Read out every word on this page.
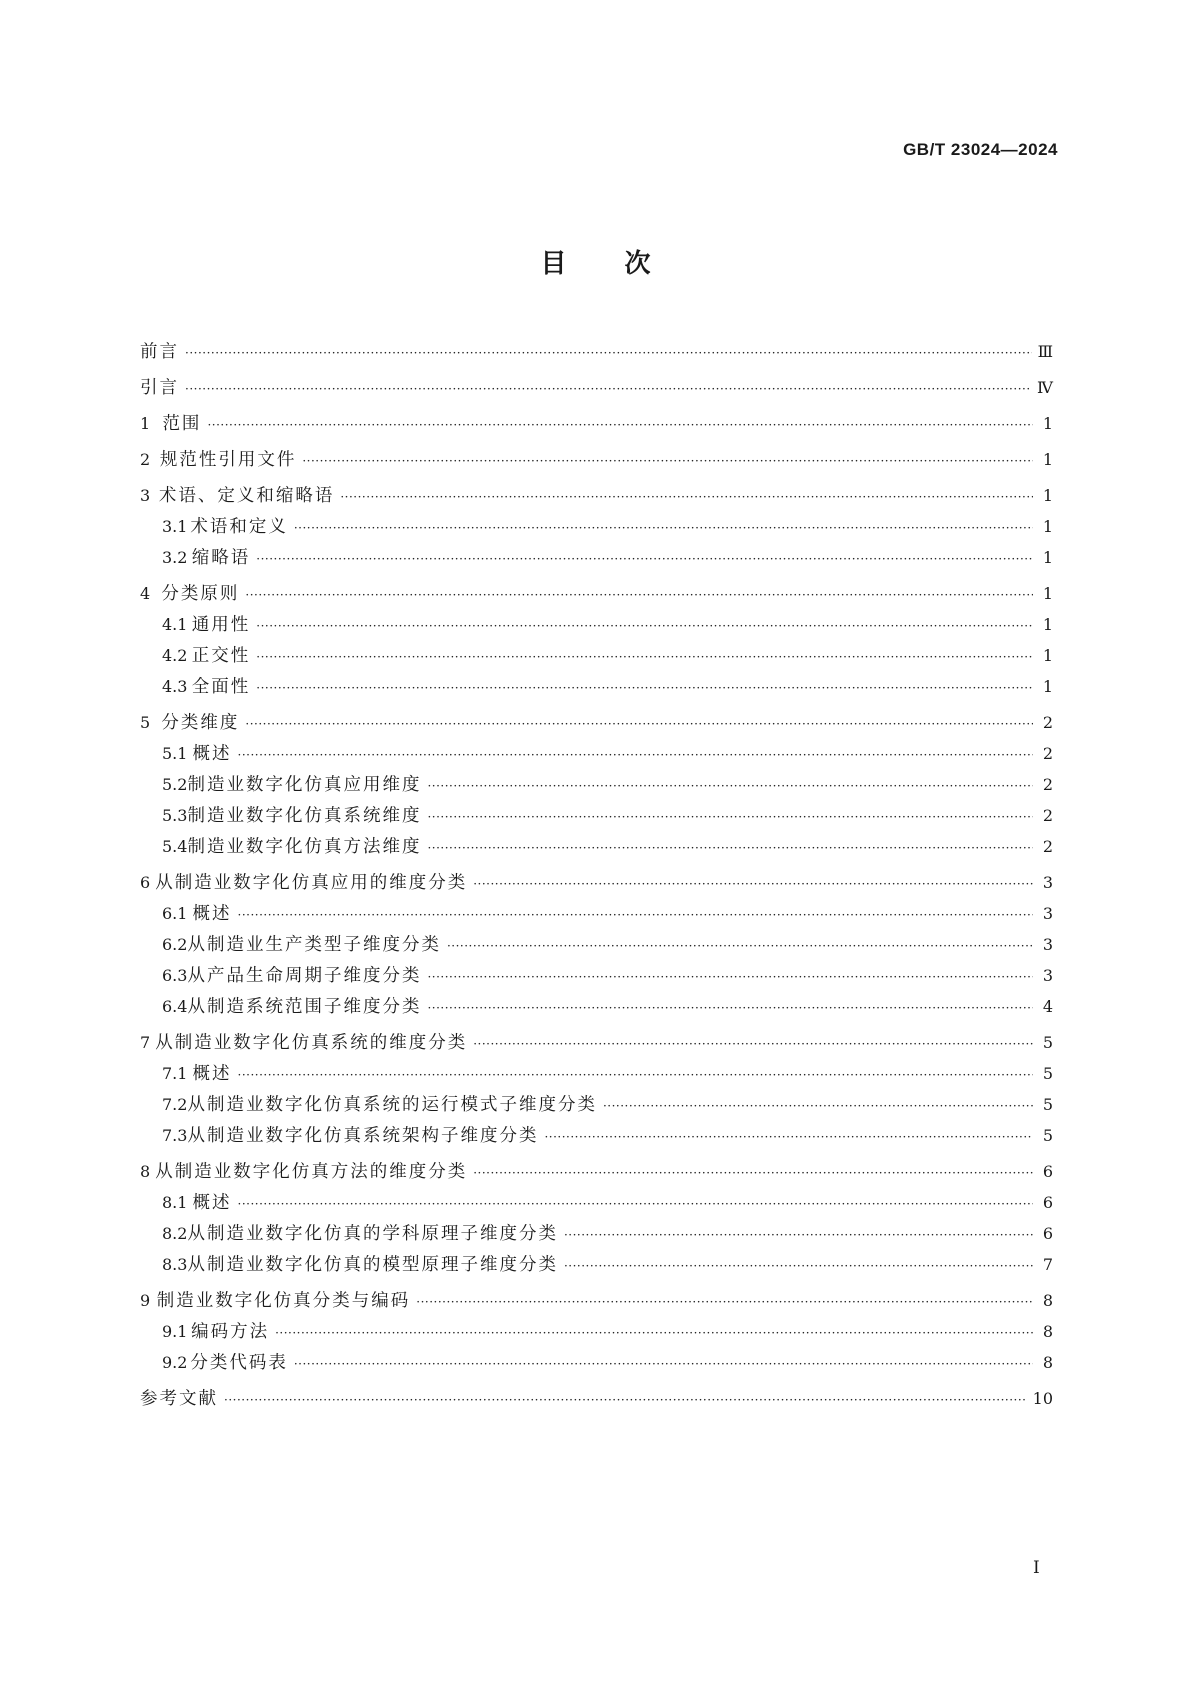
GB/T 23024—2024
目次
前言 ·····	Ⅲ
引言 ·····	Ⅳ
1 范围 ·····	1
2 规范性引用文件 ·····	1
3 术语、定义和缩略语 ·····	1
3.1 术语和定义 ·····	1
3.2 缩略语 ·····	1
4 分类原则 ·····	1
4.1 通用性 ·····	1
4.2 正交性 ·····	1
4.3 全面性 ·····	1
5 分类维度 ·····	2
5.1 概述 ·····	2
5.2 制造业数字化仿真应用维度 ·····	2
5.3 制造业数字化仿真系统维度 ·····	2
5.4 制造业数字化仿真方法维度 ·····	2
6 从制造业数字化仿真应用的维度分类 ·····	3
6.1 概述 ·····	3
6.2 从制造业生产类型子维度分类 ·····	3
6.3 从产品生命周期子维度分类 ·····	3
6.4 从制造系统范围子维度分类 ·····	4
7 从制造业数字化仿真系统的维度分类 ·····	5
7.1 概述 ·····	5
7.2 从制造业数字化仿真系统的运行模式子维度分类 ·····	5
7.3 从制造业数字化仿真系统架构子维度分类 ·····	5
8 从制造业数字化仿真方法的维度分类 ·····	6
8.1 概述 ·····	6
8.2 从制造业数字化仿真的学科原理子维度分类 ·····	6
8.3 从制造业数字化仿真的模型原理子维度分类 ·····	7
9 制造业数字化仿真分类与编码 ·····	8
9.1 编码方法 ·····	8
9.2 分类代码表 ·····	8
参考文献 ·····	10
I
